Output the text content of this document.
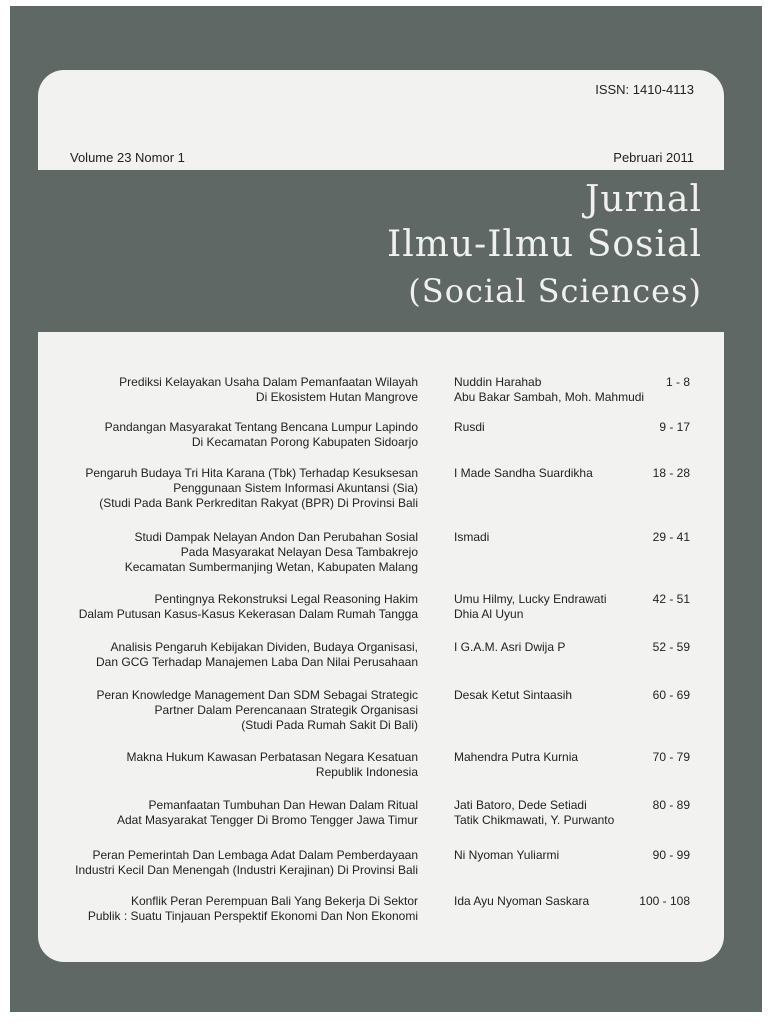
ISSN: 1410-4113
Volume 23 Nomor 1	Pebruari 2011
Jurnal
Ilmu-Ilmu Sosial
(Social Sciences)
Prediksi Kelayakan Usaha Dalam Pemanfaatan Wilayah
Di Ekosistem Hutan Mangrove
Nuddin Harahab
Abu Bakar Sambah, Moh. Mahmudi
1 - 8
Pandangan Masyarakat Tentang Bencana Lumpur Lapindo
Di Kecamatan Porong Kabupaten Sidoarjo
Rusdi	9 - 17
Pengaruh Budaya Tri Hita Karana (Tbk) Terhadap Kesuksesan
Penggunaan Sistem Informasi Akuntansi (Sia)
(Studi Pada Bank Perkreditan Rakyat (BPR) Di Provinsi Bali
I Made Sandha Suardikha	18 - 28
Studi Dampak Nelayan Andon Dan Perubahan Sosial
Pada Masyarakat Nelayan Desa Tambakrejo
Kecamatan Sumbermanjing Wetan, Kabupaten Malang
Ismadi	29 - 41
Pentingnya Rekonstruksi Legal Reasoning Hakim
Dalam Putusan Kasus-Kasus Kekerasan Dalam Rumah Tangga
Umu Hilmy, Lucky Endrawati
Dhia Al Uyun
42 - 51
Analisis Pengaruh Kebijakan Dividen, Budaya Organisasi,
Dan GCG Terhadap Manajemen Laba Dan Nilai Perusahaan
I G.A.M. Asri Dwija P	52 - 59
Peran Knowledge Management Dan SDM Sebagai Strategic
Partner Dalam Perencanaan Strategik Organisasi
(Studi Pada Rumah Sakit Di Bali)
Desak Ketut Sintaasih	60 - 69
Makna Hukum Kawasan Perbatasan Negara Kesatuan
Republik Indonesia
Mahendra Putra Kurnia	70 - 79
Pemanfaatan Tumbuhan Dan Hewan Dalam Ritual
Adat Masyarakat Tengger Di Bromo Tengger Jawa Timur
Jati Batoro, Dede Setiadi
Tatik Chikmawati, Y. Purwanto
80 - 89
Peran Pemerintah Dan Lembaga Adat Dalam Pemberdayaan
Industri Kecil Dan Menengah (Industri Kerajinan) Di Provinsi Bali
Ni Nyoman Yuliarmi	90 - 99
Konflik Peran Perempuan Bali Yang Bekerja Di Sektor
Publik : Suatu Tinjauan Perspektif Ekonomi Dan Non Ekonomi
Ida Ayu Nyoman Saskara	100 - 108
